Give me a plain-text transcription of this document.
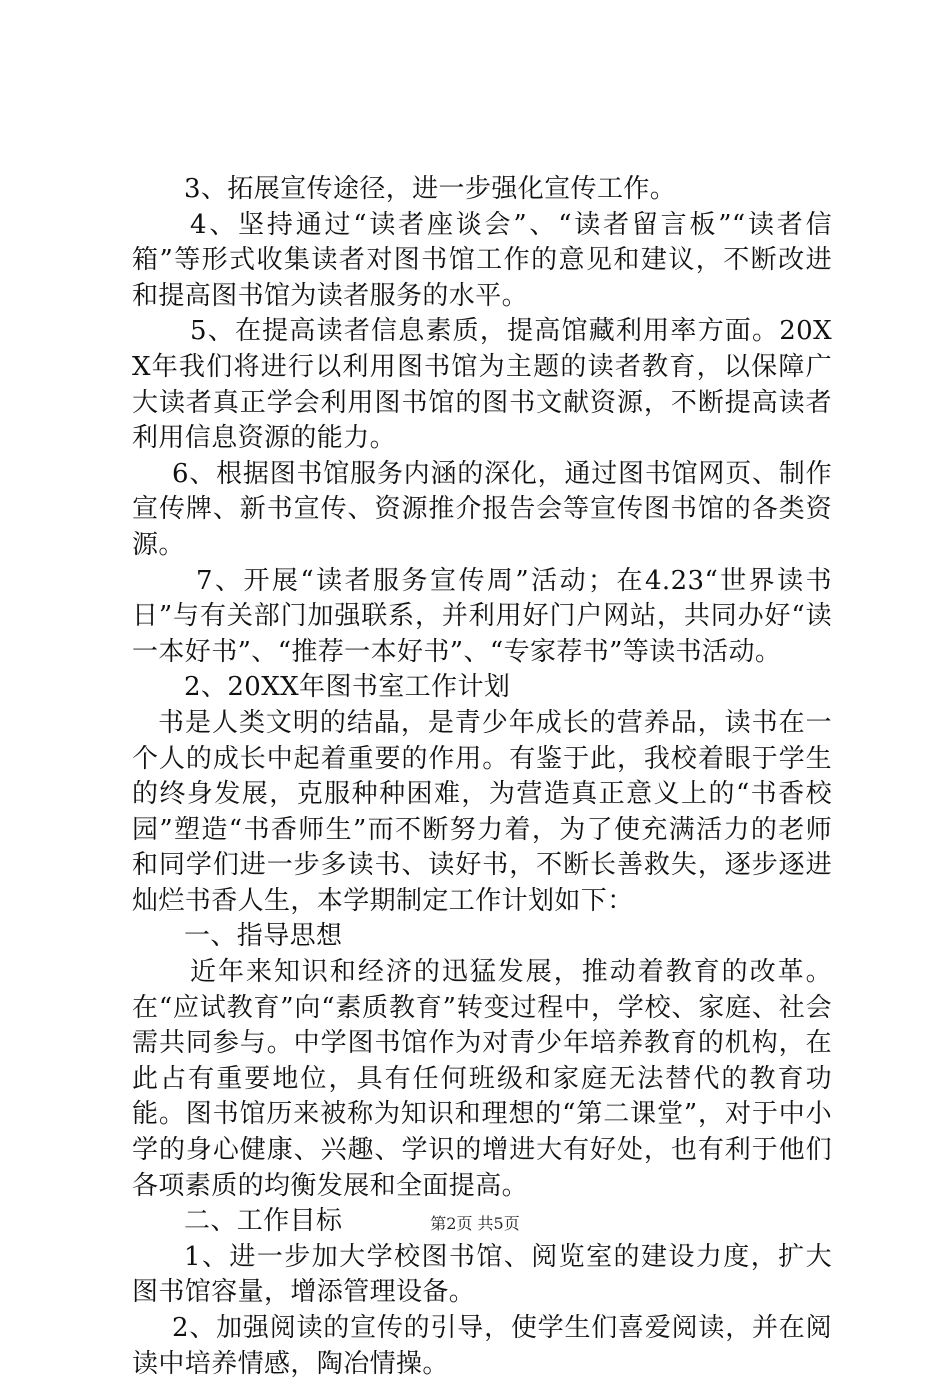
3、拓展宣传途径，进一步强化宣传工作。

4、坚持通过“读者座谈会”、“读者留言板”“读者信箱”等形式收集读者对图书馆工作的意见和建议，不断改进和提高图书馆为读者服务的水平。

5、在提高读者信息素质，提高馆藏利用率方面。20XX年我们将进行以利用图书馆为主题的读者教育，以保障广大读者真正学会利用图书馆的图书文献资源，不断提高读者利用信息资源的能力。

6、根据图书馆服务内涵的深化，通过图书馆网页、制作宣传牌、新书宣传、资源推介报告会等宣传图书馆的各类资源。

7、开展“读者服务宣传周”活动；在4.23“世界读书日”与有关部门加强联系，并利用好门户网站，共同办好“读一本好书”、“推荐一本好书”、“专家荐书”等读书活动。

2、20XX年图书室工作计划

书是人类文明的结晶，是青少年成长的营养品，读书在一个人的成长中起着重要的作用。有鉴于此，我校着眼于学生的终身发展，克服种种困难，为营造真正意义上的“书香校园”塑造“书香师生”而不断努力着，为了使充满活力的老师和同学们进一步多读书、读好书，不断长善救失，逐步逐进灿烂书香人生，本学期制定工作计划如下：

一、指导思想

近年来知识和经济的迅猛发展，推动着教育的改革。在“应试教育”向“素质教育”转变过程中，学校、家庭、社会需共同参与。中学图书馆作为对青少年培养教育的机构，在此占有重要地位，具有任何班级和家庭无法替代的教育功能。图书馆历来被称为知识和理想的“第二课堂”，对于中小学的身心健康、兴趣、学识的增进大有好处，也有利于他们各项素质的均衡发展和全面提高。

二、工作目标

1、进一步加大学校图书馆、阅览室的建设力度，扩大图书馆容量，增添管理设备。

2、加强阅读的宣传的引导，使学生们喜爱阅读，并在阅读中培养情感，陶冶情操。

第2页 共5页
